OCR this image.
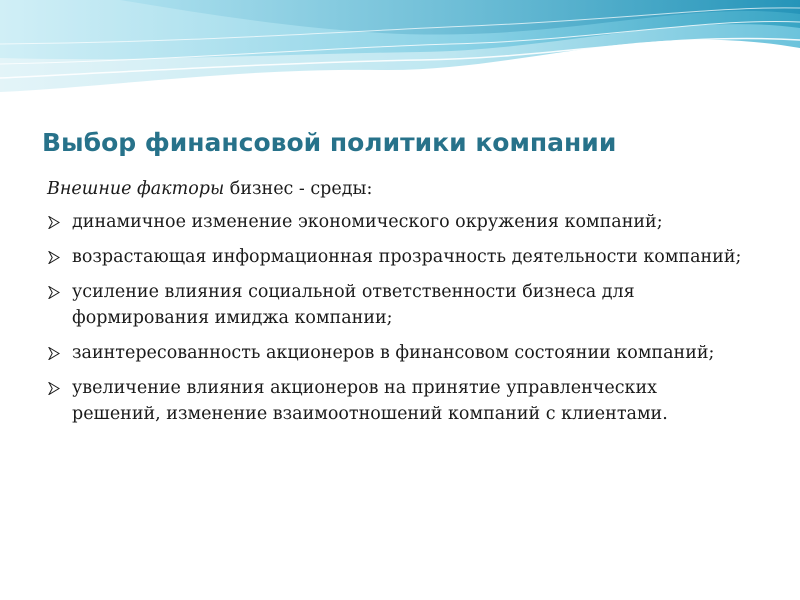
Выбор финансовой политики компании

Внешние факторы бизнес - среды:

динамичное изменение экономического окружения компаний;
возрастающая информационная прозрачность деятельности компаний;
усиление влияния социальной ответственности бизнеса для формирования имиджа компании;
заинтересованность акционеров в финансовом состоянии компаний;
увеличение влияния акционеров на принятие управленческих решений, изменение взаимоотношений компаний с клиентами.
